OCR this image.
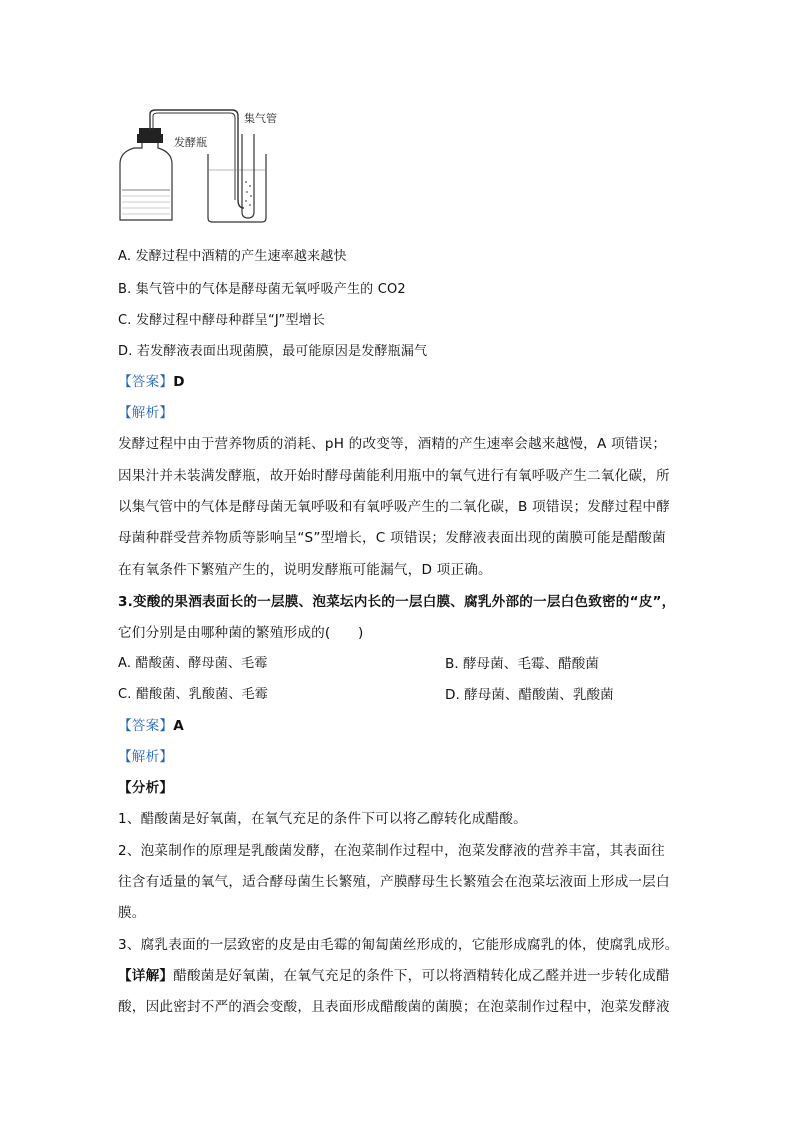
发酵瓶
集气管
A. 发酵过程中酒精的产生速率越来越快
B. 集气管中的气体是酵母菌无氧呼吸产生的 CO2
C. 发酵过程中酵母种群呈“J”型增长
D. 若发酵液表面出现菌膜，最可能原因是发酵瓶漏气
【答案】D
【解析】
发酵过程中由于营养物质的消耗、pH 的改变等，酒精的产生速率会越来越慢，A 项错误；
因果汁并未装满发酵瓶，故开始时酵母菌能利用瓶中的氧气进行有氧呼吸产生二氧化碳，所
以集气管中的气体是酵母菌无氧呼吸和有氧呼吸产生的二氧化碳，B 项错误；发酵过程中酵
母菌种群受营养物质等影响呈“S”型增长，C 项错误；发酵液表面出现的菌膜可能是醋酸菌
在有氧条件下繁殖产生的，说明发酵瓶可能漏气，D 项正确。
3.变酸的果酒表面长的一层膜、泡菜坛内长的一层白膜、腐乳外部的一层白色致密的“皮”，
它们分别是由哪种菌的繁殖形成的(　　)
A. 醋酸菌、酵母菌、毛霉	B. 酵母菌、毛霉、醋酸菌
C. 醋酸菌、乳酸菌、毛霉	D. 酵母菌、醋酸菌、乳酸菌
【答案】A
【解析】
【分析】
1、醋酸菌是好氧菌，在氧气充足的条件下可以将乙醇转化成醋酸。
2、泡菜制作的原理是乳酸菌发酵，在泡菜制作过程中，泡菜发酵液的营养丰富，其表面往
往含有适量的氧气，适合酵母菌生长繁殖，产膜酵母生长繁殖会在泡菜坛液面上形成一层白
膜。
3、腐乳表面的一层致密的皮是由毛霉的匍匐菌丝形成的，它能形成腐乳的体，使腐乳成形。
【详解】醋酸菌是好氧菌，在氧气充足的条件下，可以将酒精转化成乙醛并进一步转化成醋
酸，因此密封不严的酒会变酸，且表面形成醋酸菌的菌膜；在泡菜制作过程中，泡菜发酵液
